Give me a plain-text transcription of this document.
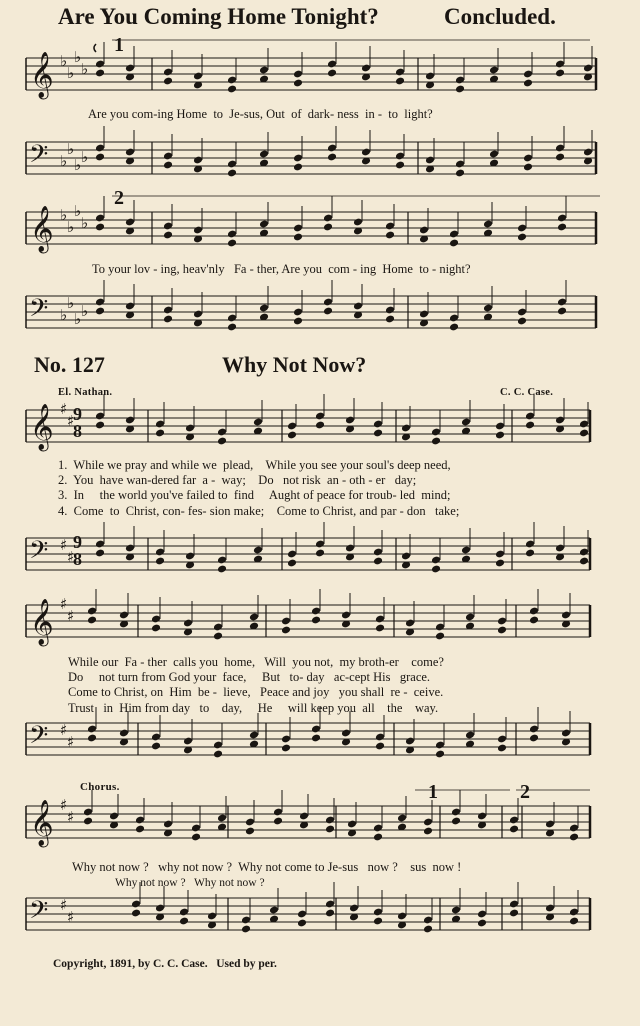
Are You Coming Home Tonight?	Concluded.
No. 127	Why Not Now?
El. Nathan.	C. C. Case.
𝄞 ♭
♭
♭
♭
𝄢 ♭
♭
♭ ♭
𝄞 ♭
♭
♭
♭
𝄢 ♭
♭
♭ ♭
𝄞 ♯
♯
𝄢 ♯
♯
𝄞 ♯
♯
𝄢 ♯
♯
𝄞 ♯
♯
𝄢 ♯
♯
1
2
1	2
9
8
9
8
Are you com-ing Home  to  Je-sus, Out  of  dark- ness  in -  to  light?
To your lov - ing, heav'nly   Fa - ther, Are you  com - ing  Home  to - night?
1.  While we pray and while we  plead,    While you see your soul's deep need,
2.  You  have wan-dered far  a -  way;    Do   not risk  an - oth - er   day;
3.  In     the world you've failed to  find     Aught of peace for troub- led  mind;
4.  Come  to  Christ, con- fes- sion make;    Come to Christ, and par - don   take;
While our  Fa - ther  calls you  home,   Will  you not,  my broth-er    come?
Do     not turn from God your  face,     But   to- day   ac-cept His   grace.
Come to Christ, on  Him  be -  lieve,   Peace and joy   you shall  re -  ceive.
Trust   in  Him from day   to    day,     He     will keep you  all    the    way.
Chorus.
Why not now ?   why not now ?  Why not come to Je-sus   now ?    sus  now !
Why not now ?   Why not now ?
Copyright, 1891, by C. C. Case.   Used by per.
